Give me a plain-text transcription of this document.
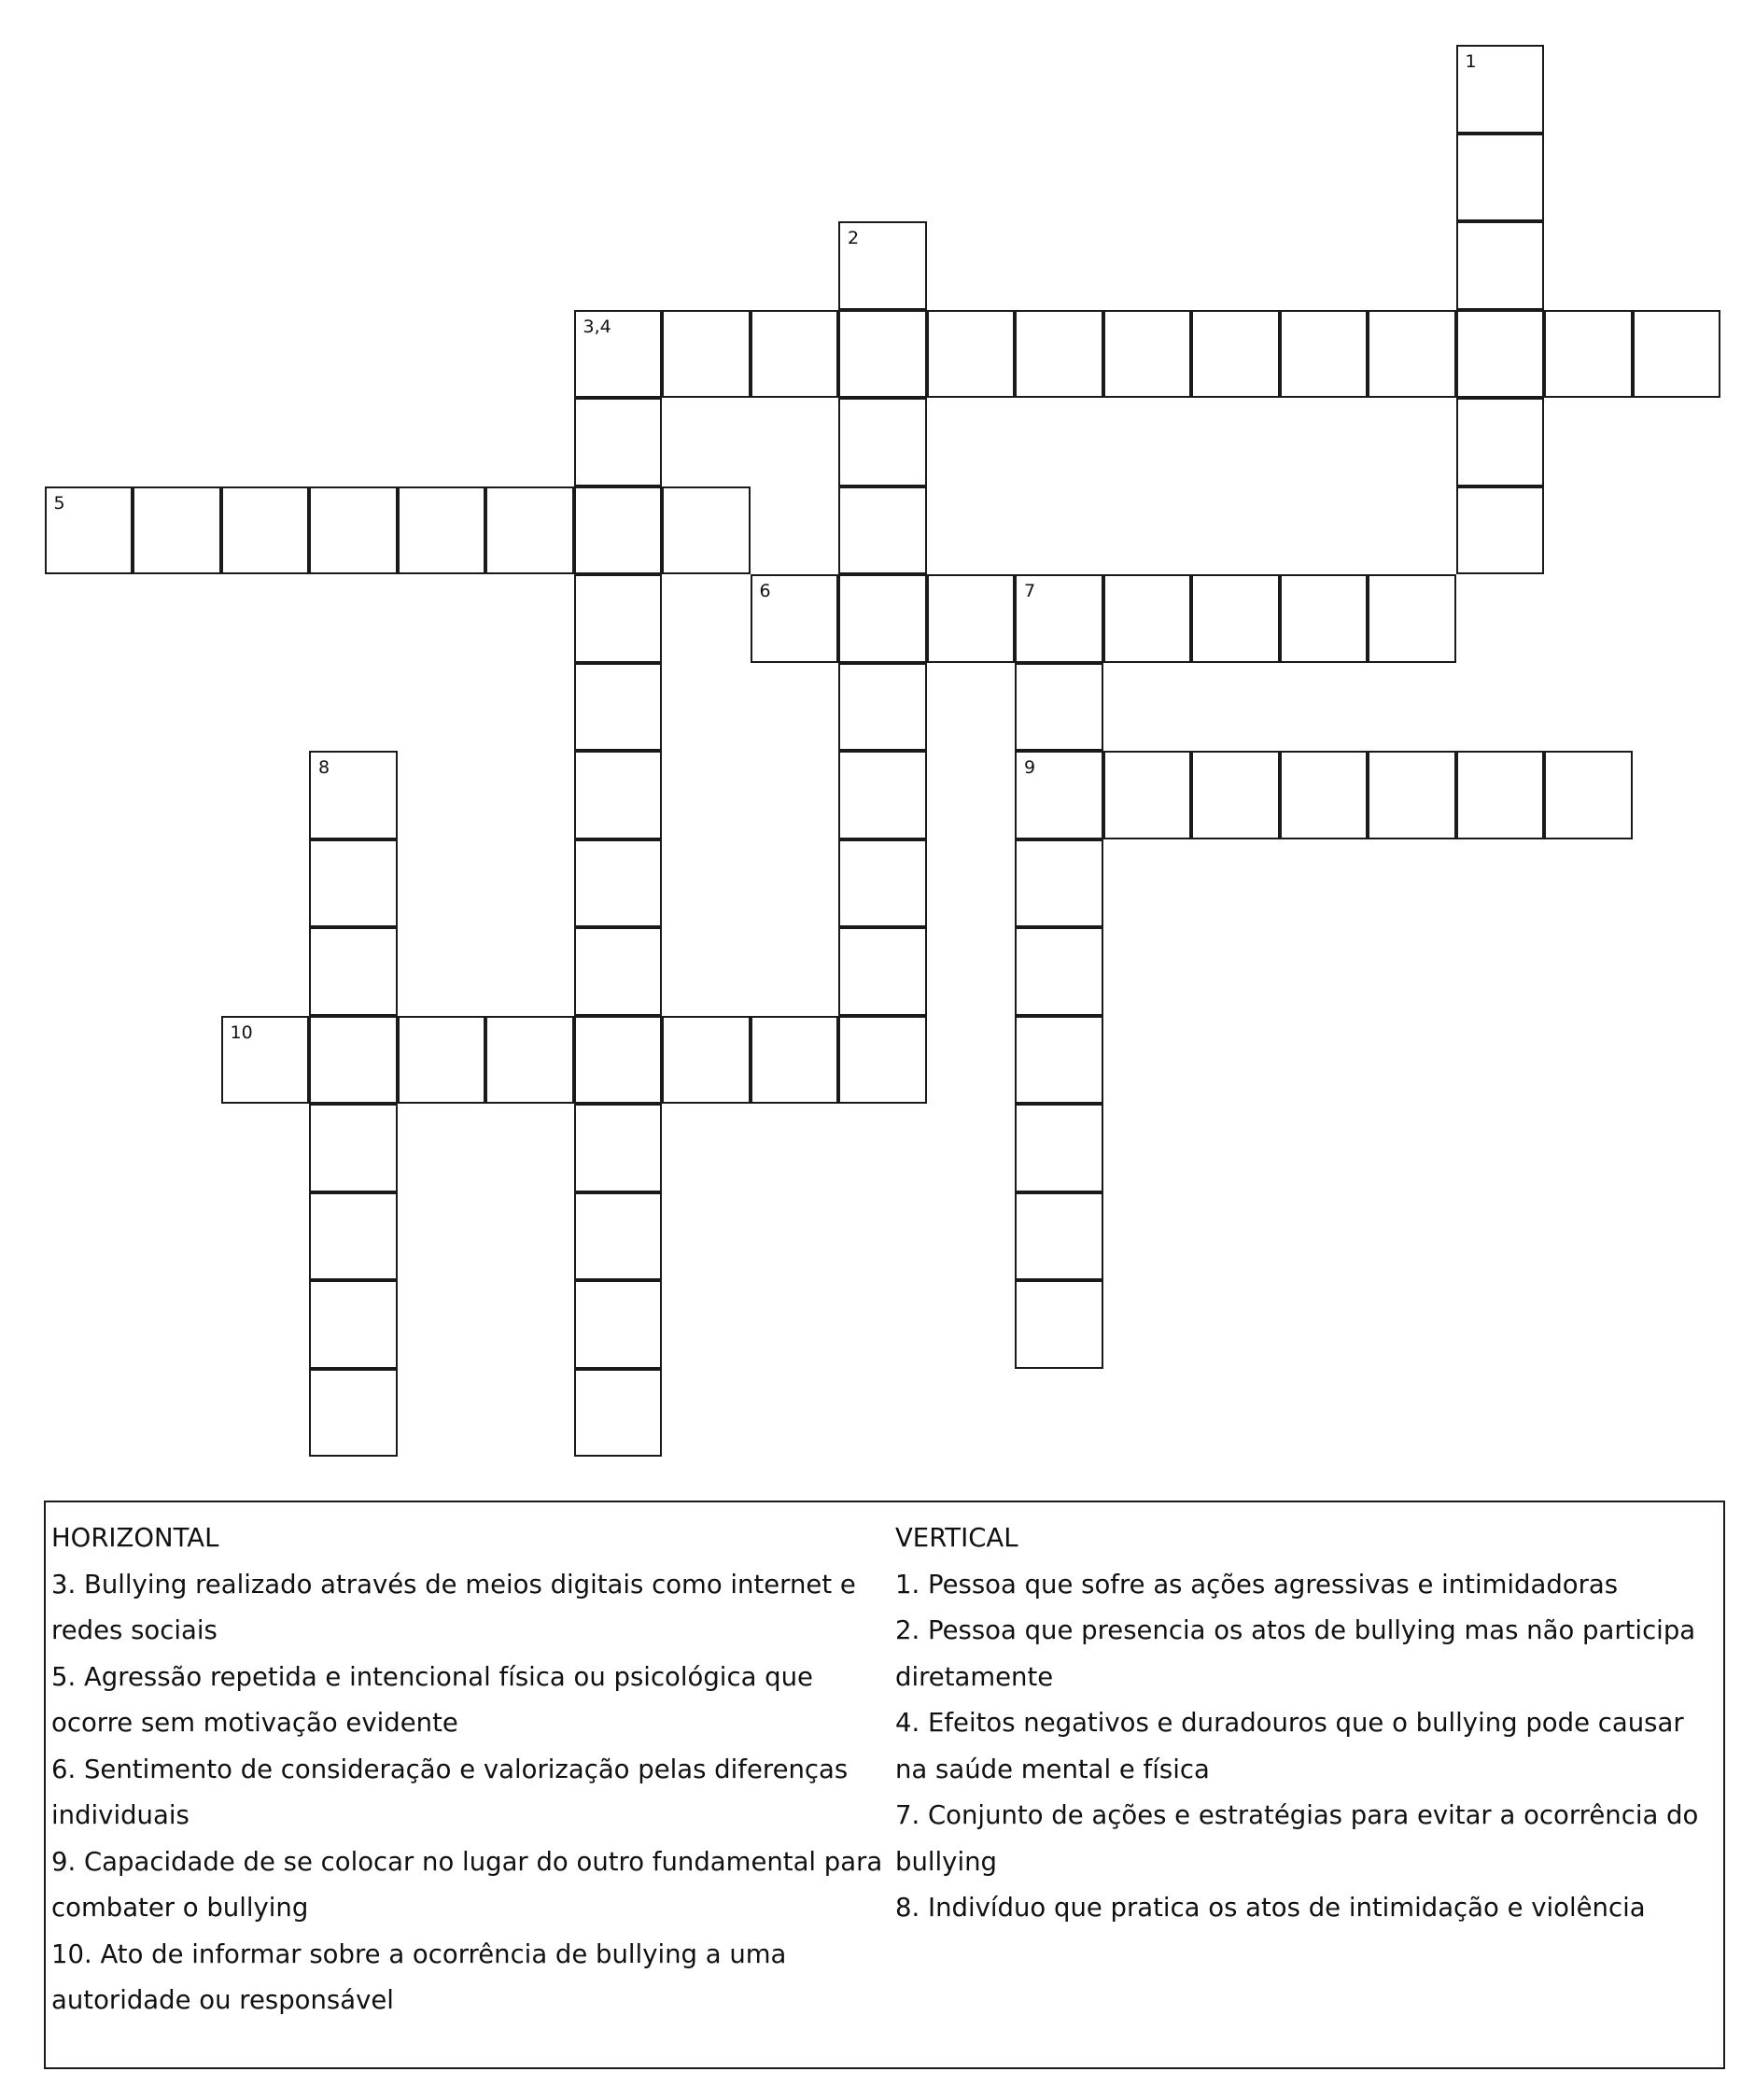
1
2
3,4
5
6	7
8	9
10
HORIZONTAL
3. Bullying realizado através de meios digitais como internet e redes sociais
5. Agressão repetida e intencional física ou psicológica que ocorre sem motivação evidente
6. Sentimento de consideração e valorização pelas diferenças individuais
9. Capacidade de se colocar no lugar do outro fundamental para combater o bullying
10. Ato de informar sobre a ocorrência de bullying a uma autoridade ou responsável
VERTICAL
1. Pessoa que sofre as ações agressivas e intimidadoras
2. Pessoa que presencia os atos de bullying mas não participa diretamente
4. Efeitos negativos e duradouros que o bullying pode causar na saúde mental e física
7. Conjunto de ações e estratégias para evitar a ocorrência do bullying
8. Indivíduo que pratica os atos de intimidação e violência
